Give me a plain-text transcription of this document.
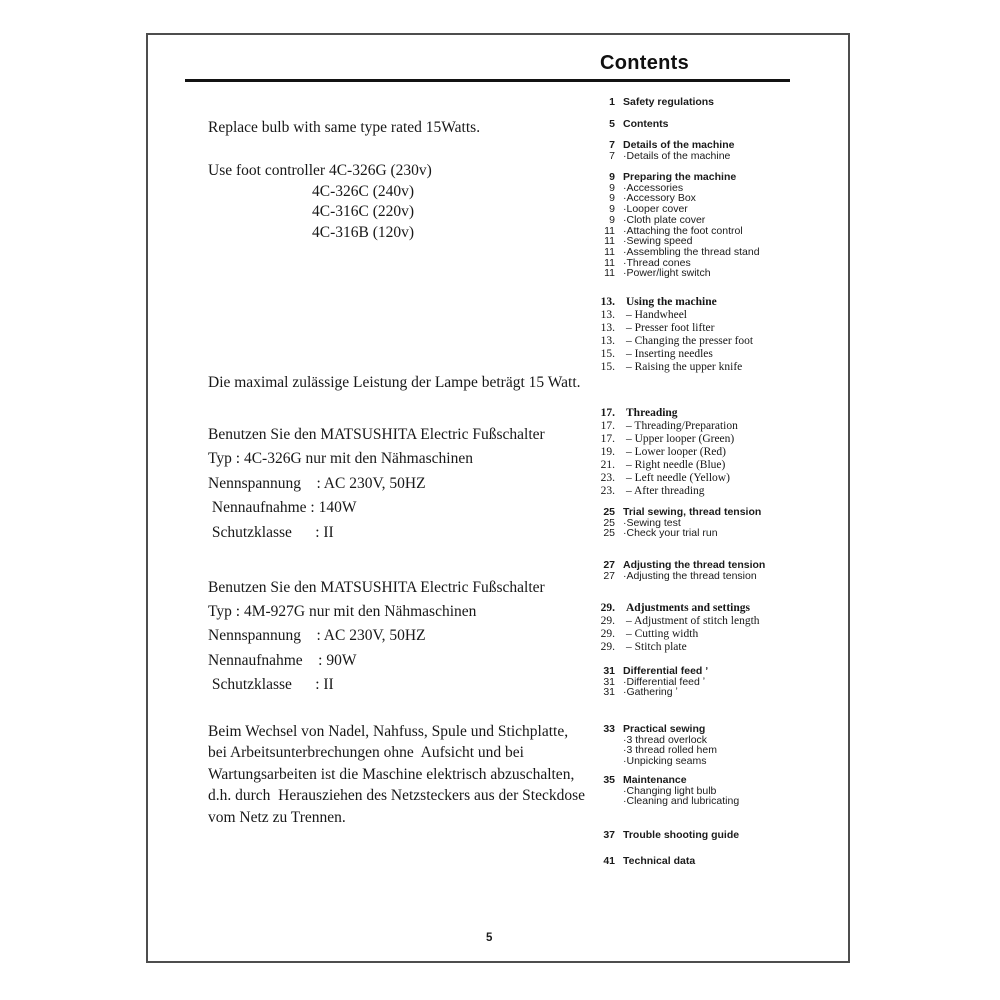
Contents
Replace bulb with same type rated 15Watts.
Use foot controller 4C-326G (230v)
4C-326C (240v)
4C-316C (220v)
4C-316B (120v)
Die maximal zulässige Leistung der Lampe beträgt 15 Watt.
Benutzen Sie den MATSUSHITA Electric Fußschalter
Typ : 4C-326G nur mit den Nähmaschinen
Nennspannung    : AC 230V, 50HZ
Nennaufnahme : 140W
Schutzklasse      : II
Benutzen Sie den MATSUSHITA Electric Fußschalter
Typ : 4M-927G nur mit den Nähmaschinen
Nennspannung    : AC 230V, 50HZ
Nennaufnahme    : 90W
Schutzklasse      : II
Beim Wechsel von Nadel, Nahfuss, Spule und Stichplatte,
bei Arbeitsunterbrechungen ohne  Aufsicht und bei
Wartungsarbeiten ist die Maschine elektrisch abzuschalten,
d.h. durch  Herausziehen des Netzsteckers aus der Steckdose
vom Netz zu Trennen.
1 Safety regulations
5 Contents
7 Details of the machine
7 ·Details of the machine
9 Preparing the machine
9 ·Accessories
9 ·Accessory Box
9 ·Looper cover
9 ·Cloth plate cover
11 ·Attaching the foot control
11 ·Sewing speed
11 ·Assembling the thread stand
11 ·Thread cones
11 ·Power/light switch
13. Using the machine
13. – Handwheel
13. – Presser foot lifter
13. – Changing the presser foot
15. – Inserting needles
15. – Raising the upper knife
17. Threading
17. – Threading/Preparation
17. – Upper looper (Green)
19. – Lower looper (Red)
21. – Right needle (Blue)
23. – Left needle (Yellow)
23. – After threading
25 Trial sewing, thread tension
25 ·Sewing test
25 ·Check your trial run
27 Adjusting the thread tension
27 ·Adjusting the thread tension
29. Adjustments and settings
29. – Adjustment of stitch length
29. – Cutting width
29. – Stitch plate
31 Differential feed ʼ
31 ·Differential feed ʼ
31 ·Gathering ʼ
33 Practical sewing
·3 thread overlock
·3 thread rolled hem
·Unpicking seams
35 Maintenance
·Changing light bulb
·Cleaning and lubricating
37 Trouble shooting guide
41 Technical data
5
